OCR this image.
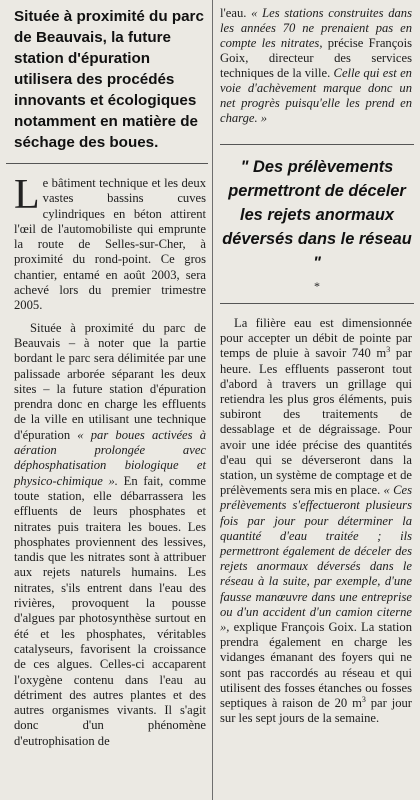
Située à proximité du parc de Beauvais, la future station d'épuration utilisera des procédés innovants et écologiques notamment en matière de séchage des boues.

Le bâtiment technique et les deux vastes bassins cuves cylindriques en béton attirent l'œil de l'automobiliste qui emprunte la route de Selles-sur-Cher, à proximité du rond-point. Ce gros chantier, entamé en août 2003, sera achevé lors du premier trimestre 2005.

Située à proximité du parc de Beauvais – à noter que la partie bordant le parc sera délimitée par une palissade arborée séparant les deux sites – la future station d'épuration prendra donc en charge les effluents de la ville en utilisant une technique d'épuration « par boues activées à aération prolongée avec déphosphatisation biologique et physico-chimique ». En fait, comme toute station, elle débarrassera les effluents de leurs phosphates et nitrates puis traitera les boues. Les phosphates proviennent des lessives, tandis que les nitrates sont à attribuer aux rejets naturels humains. Les nitrates, s'ils entrent dans l'eau des rivières, provoquent la pousse d'algues par photosynthèse surtout en été et les phosphates, véritables catalyseurs, favorisent la croissance de ces algues. Celles-ci accaparent l'oxygène contenu dans l'eau au détriment des autres plantes et des autres organismes vivants. Il s'agit donc d'un phénomène d'eutrophisation de

l'eau. « Les stations construites dans les années 70 ne prenaient pas en compte les nitrates, précise François Goix, directeur des services techniques de la ville. Celle qui est en voie d'achèvement marque donc un net progrès puisqu'elle les prend en charge. »

" Des prélèvements permettront de déceler les rejets anormaux déversés dans le réseau "
*

La filière eau est dimensionnée pour accepter un débit de pointe par temps de pluie à savoir 740 $m^3$ par heure. Les effluents passeront tout d'abord à travers un grillage qui retiendra les plus gros éléments, puis subiront des traitements de dessablage et de dégraissage. Pour avoir une idée précise des quantités d'eau qui se déverseront dans la station, un système de comptage et de prélèvements sera mis en place. « Ces prélèvements s'effectueront plusieurs fois par jour pour déterminer la quantité d'eau traitée ; ils permettront également de déceler des rejets anormaux déversés dans le réseau à la suite, par exemple, d'une fausse manœuvre dans une entreprise ou d'un accident d'un camion citerne », explique François Goix. La station prendra également en charge les vidanges émanant des foyers qui ne sont pas raccordés au réseau et qui utilisent des fosses étanches ou fosses septiques à raison de 20 $m^3$ par jour sur les sept jours de la semaine.
